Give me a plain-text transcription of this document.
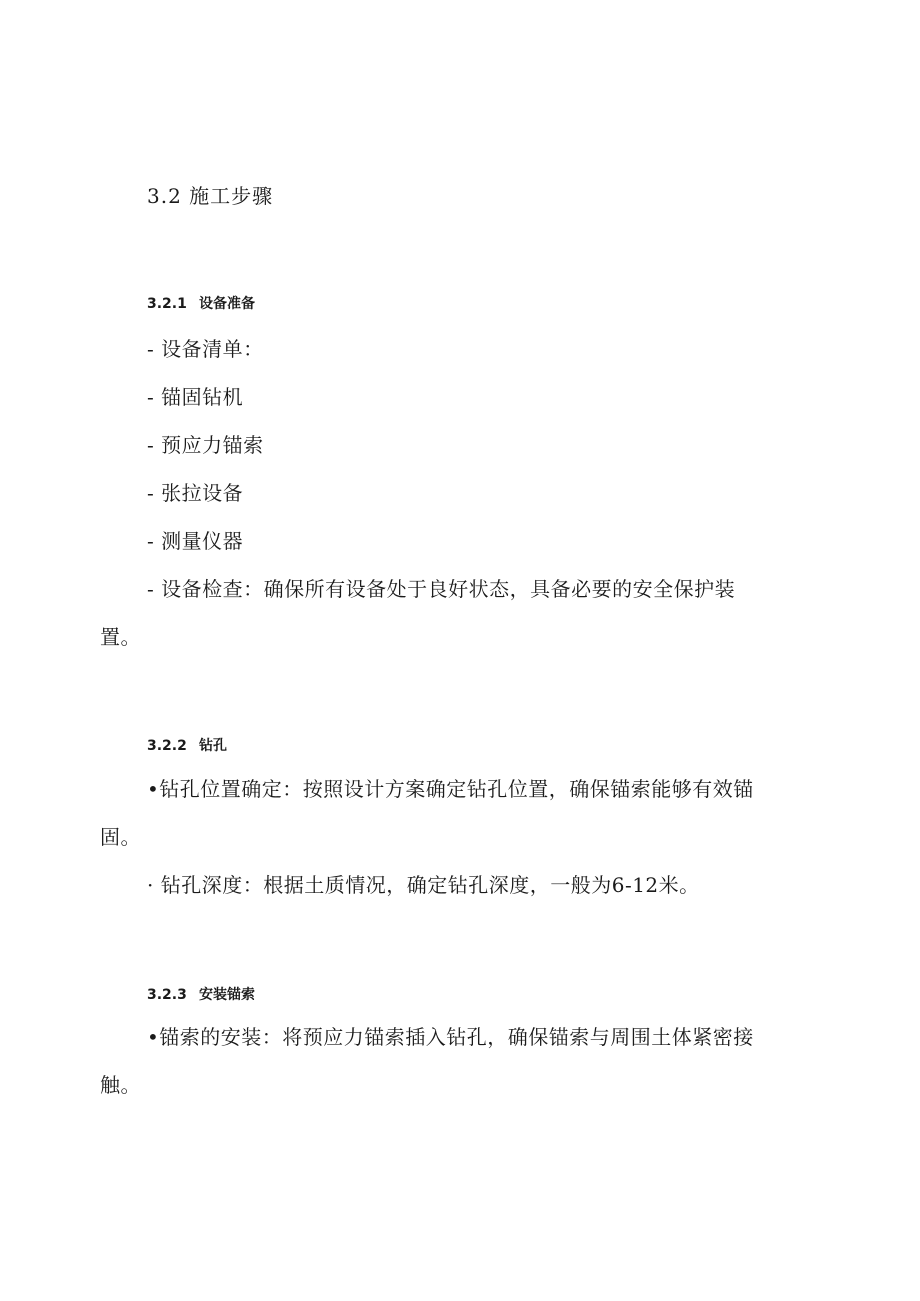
3.2 施工步骤
3.2.1 设备准备
- 设备清单：
- 锚固钻机
- 预应力锚索
- 张拉设备
- 测量仪器
- 设备检查：确保所有设备处于良好状态，具备必要的安全保护装
置。
3.2.2 钻孔
•钻孔位置确定：按照设计方案确定钻孔位置，确保锚索能够有效锚
固。
· 钻孔深度：根据土质情况，确定钻孔深度，一般为6-12米。
3.2.3 安装锚索
•锚索的安装：将预应力锚索插入钻孔，确保锚索与周围土体紧密接
触。
